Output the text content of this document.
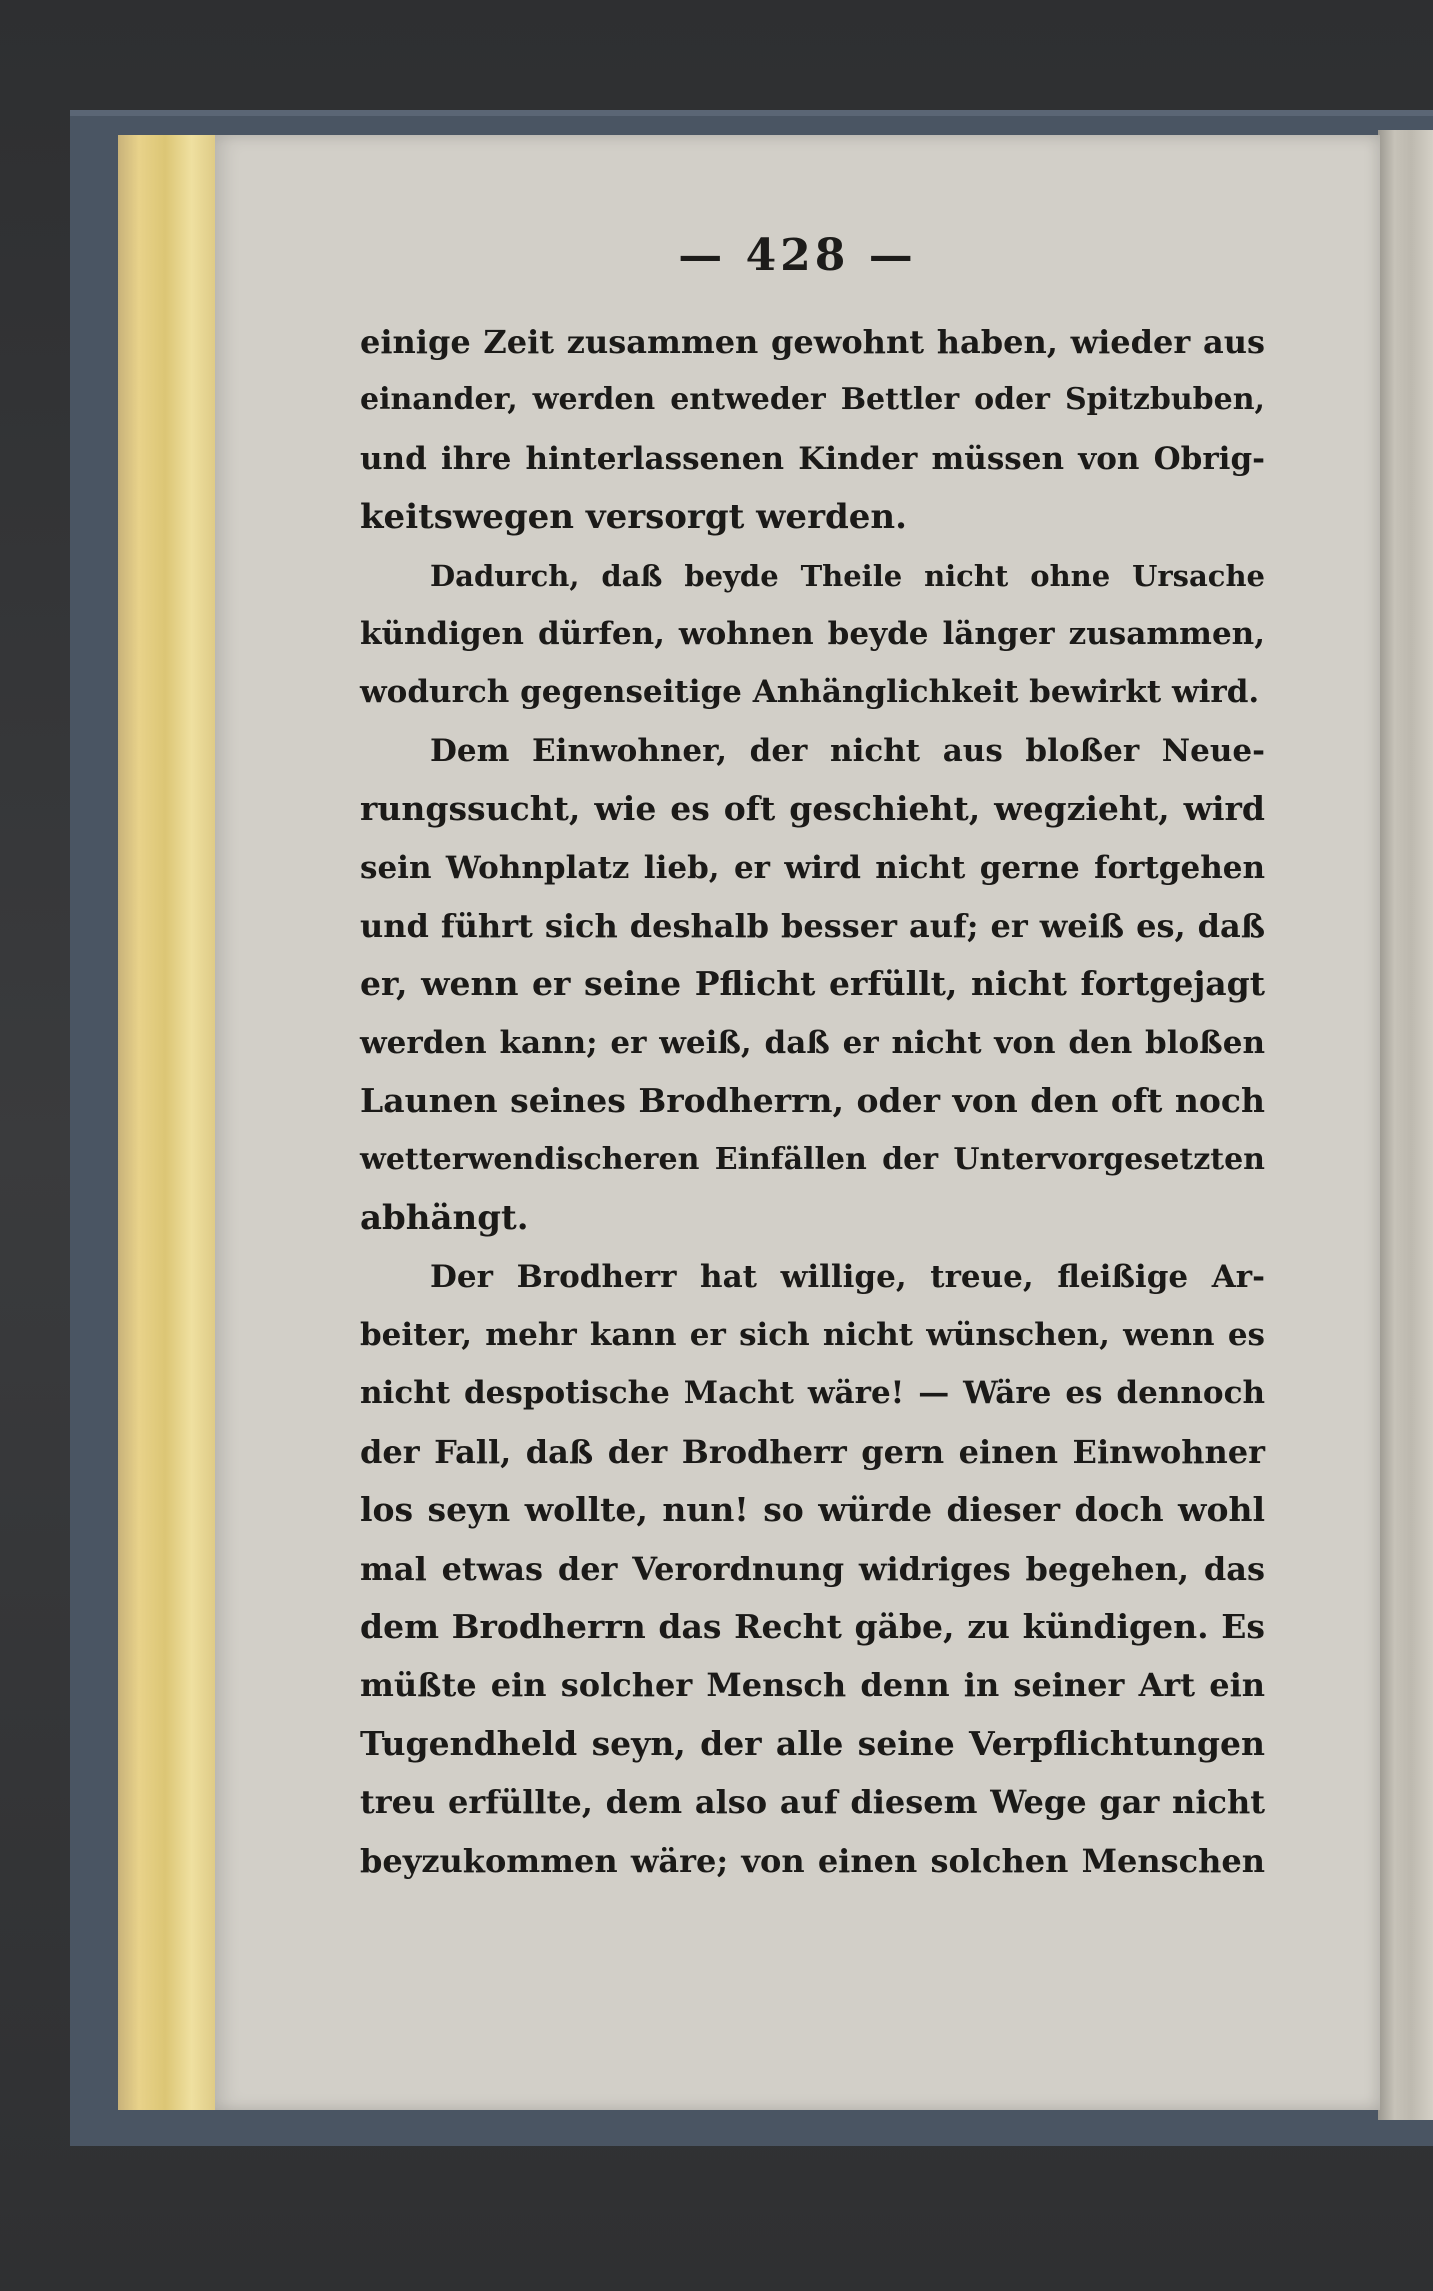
— 428 —
einige Zeit zusammen gewohnt haben, wieder aus
einander, werden entweder Bettler oder Spitzbuben,
und ihre hinterlassenen Kinder müssen von Obrig-
keitswegen versorgt werden.
Dadurch, daß beyde Theile nicht ohne Ursache
kündigen dürfen, wohnen beyde länger zusammen,
wodurch gegenseitige Anhänglichkeit bewirkt wird.
Dem Einwohner, der nicht aus bloßer Neue-
rungssucht, wie es oft geschieht, wegzieht, wird
sein Wohnplatz lieb, er wird nicht gerne fortgehen
und führt sich deshalb besser auf; er weiß es, daß
er, wenn er seine Pflicht erfüllt, nicht fortgejagt
werden kann; er weiß, daß er nicht von den bloßen
Launen seines Brodherrn, oder von den oft noch
wetterwendischeren Einfällen der Untervorgesetzten
abhängt.
Der Brodherr hat willige, treue, fleißige Ar-
beiter, mehr kann er sich nicht wünschen, wenn es
nicht despotische Macht wäre! — Wäre es dennoch
der Fall, daß der Brodherr gern einen Einwohner
los seyn wollte, nun! so würde dieser doch wohl
mal etwas der Verordnung widriges begehen, das
dem Brodherrn das Recht gäbe, zu kündigen. Es
müßte ein solcher Mensch denn in seiner Art ein
Tugendheld seyn, der alle seine Verpflichtungen
treu erfüllte, dem also auf diesem Wege gar nicht
beyzukommen wäre; von einen solchen Menschen
